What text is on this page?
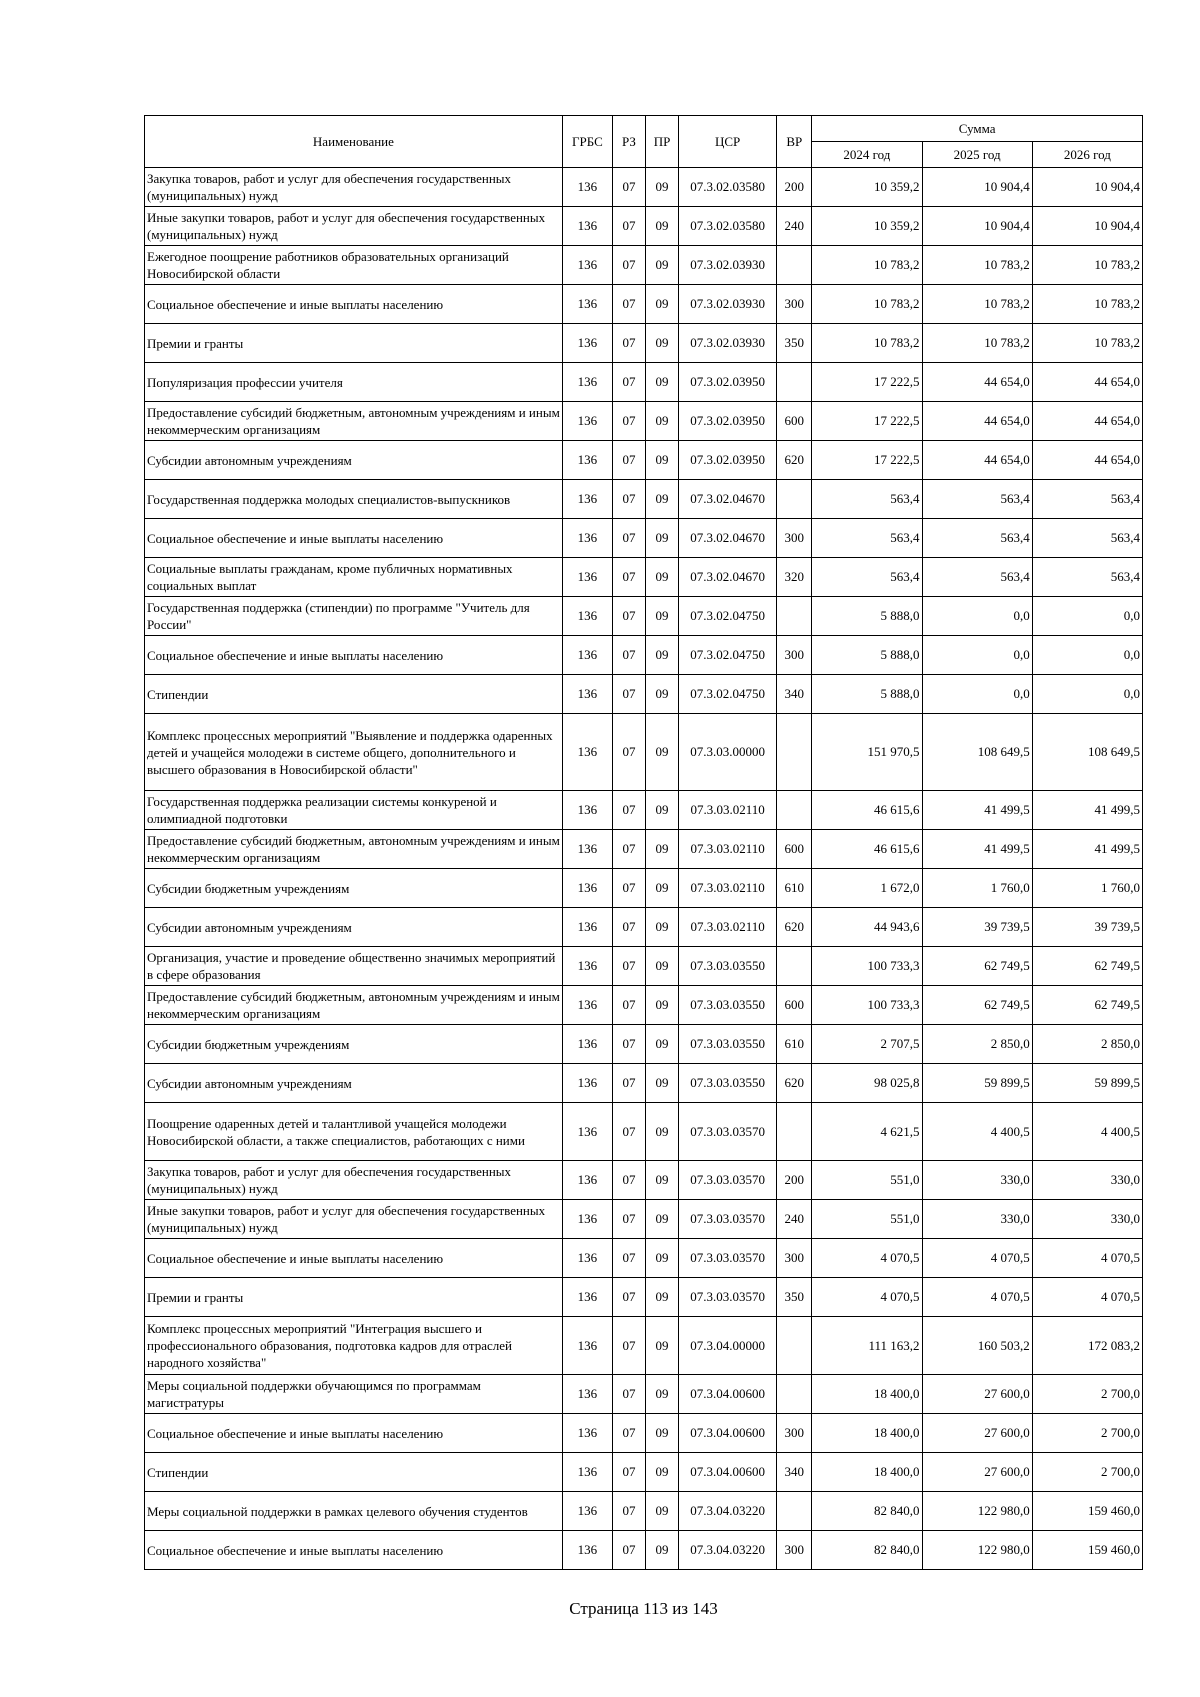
Наименование	ГРБС	РЗ	ПР	ЦСР	ВР	Сумма		
						2024 год	2025 год	2026 год
Закупка товаров, работ и услуг для обеспечения государственных (муниципальных) нужд	136	07	09	07.3.02.03580	200	10 359,2	10 904,4	10 904,4
Иные закупки товаров, работ и услуг для обеспечения государственных (муниципальных) нужд	136	07	09	07.3.02.03580	240	10 359,2	10 904,4	10 904,4
Ежегодное поощрение работников образовательных организаций Новосибирской области	136	07	09	07.3.02.03930		10 783,2	10 783,2	10 783,2
Социальное обеспечение и иные выплаты населению	136	07	09	07.3.02.03930	300	10 783,2	10 783,2	10 783,2
Премии и гранты	136	07	09	07.3.02.03930	350	10 783,2	10 783,2	10 783,2
Популяризация профессии учителя	136	07	09	07.3.02.03950		17 222,5	44 654,0	44 654,0
Предоставление субсидий бюджетным, автономным учреждениям и иным некоммерческим организациям	136	07	09	07.3.02.03950	600	17 222,5	44 654,0	44 654,0
Субсидии автономным учреждениям	136	07	09	07.3.02.03950	620	17 222,5	44 654,0	44 654,0
Государственная поддержка молодых специалистов-выпускников	136	07	09	07.3.02.04670		563,4	563,4	563,4
Социальное обеспечение и иные выплаты населению	136	07	09	07.3.02.04670	300	563,4	563,4	563,4
Социальные выплаты гражданам, кроме публичных нормативных социальных выплат	136	07	09	07.3.02.04670	320	563,4	563,4	563,4
Государственная поддержка (стипендии) по программе "Учитель для России"	136	07	09	07.3.02.04750		5 888,0	0,0	0,0
Социальное обеспечение и иные выплаты населению	136	07	09	07.3.02.04750	300	5 888,0	0,0	0,0
Стипендии	136	07	09	07.3.02.04750	340	5 888,0	0,0	0,0
Комплекс процессных мероприятий "Выявление и поддержка одаренных детей и учащейся молодежи в системе общего, дополнительного и высшего образования в Новосибирской области"	136	07	09	07.3.03.00000		151 970,5	108 649,5	108 649,5
Государственная поддержка реализации системы конкуреной и олимпиадной подготовки	136	07	09	07.3.03.02110		46 615,6	41 499,5	41 499,5
Предоставление субсидий бюджетным, автономным учреждениям и иным некоммерческим организациям	136	07	09	07.3.03.02110	600	46 615,6	41 499,5	41 499,5
Субсидии бюджетным учреждениям	136	07	09	07.3.03.02110	610	1 672,0	1 760,0	1 760,0
Субсидии автономным учреждениям	136	07	09	07.3.03.02110	620	44 943,6	39 739,5	39 739,5
Организация, участие и проведение общественно значимых мероприятий в сфере образования	136	07	09	07.3.03.03550		100 733,3	62 749,5	62 749,5
Предоставление субсидий бюджетным, автономным учреждениям и иным некоммерческим организациям	136	07	09	07.3.03.03550	600	100 733,3	62 749,5	62 749,5
Субсидии бюджетным учреждениям	136	07	09	07.3.03.03550	610	2 707,5	2 850,0	2 850,0
Субсидии автономным учреждениям	136	07	09	07.3.03.03550	620	98 025,8	59 899,5	59 899,5
Поощрение одаренных детей и талантливой учащейся молодежи Новосибирской области, а также специалистов, работающих с ними	136	07	09	07.3.03.03570		4 621,5	4 400,5	4 400,5
Закупка товаров, работ и услуг для обеспечения государственных (муниципальных) нужд	136	07	09	07.3.03.03570	200	551,0	330,0	330,0
Иные закупки товаров, работ и услуг для обеспечения государственных (муниципальных) нужд	136	07	09	07.3.03.03570	240	551,0	330,0	330,0
Социальное обеспечение и иные выплаты населению	136	07	09	07.3.03.03570	300	4 070,5	4 070,5	4 070,5
Премии и гранты	136	07	09	07.3.03.03570	350	4 070,5	4 070,5	4 070,5
Комплекс процессных мероприятий "Интеграция высшего и профессионального образования, подготовка кадров для отраслей народного хозяйства"	136	07	09	07.3.04.00000		111 163,2	160 503,2	172 083,2
Меры социальной поддержки обучающимся по программам магистратуры	136	07	09	07.3.04.00600		18 400,0	27 600,0	2 700,0
Социальное обеспечение и иные выплаты населению	136	07	09	07.3.04.00600	300	18 400,0	27 600,0	2 700,0
Стипендии	136	07	09	07.3.04.00600	340	18 400,0	27 600,0	2 700,0
Меры социальной поддержки в рамках целевого обучения студентов	136	07	09	07.3.04.03220		82 840,0	122 980,0	159 460,0
Социальное обеспечение и иные выплаты населению	136	07	09	07.3.04.03220	300	82 840,0	122 980,0	159 460,0
Страница 113 из 143
